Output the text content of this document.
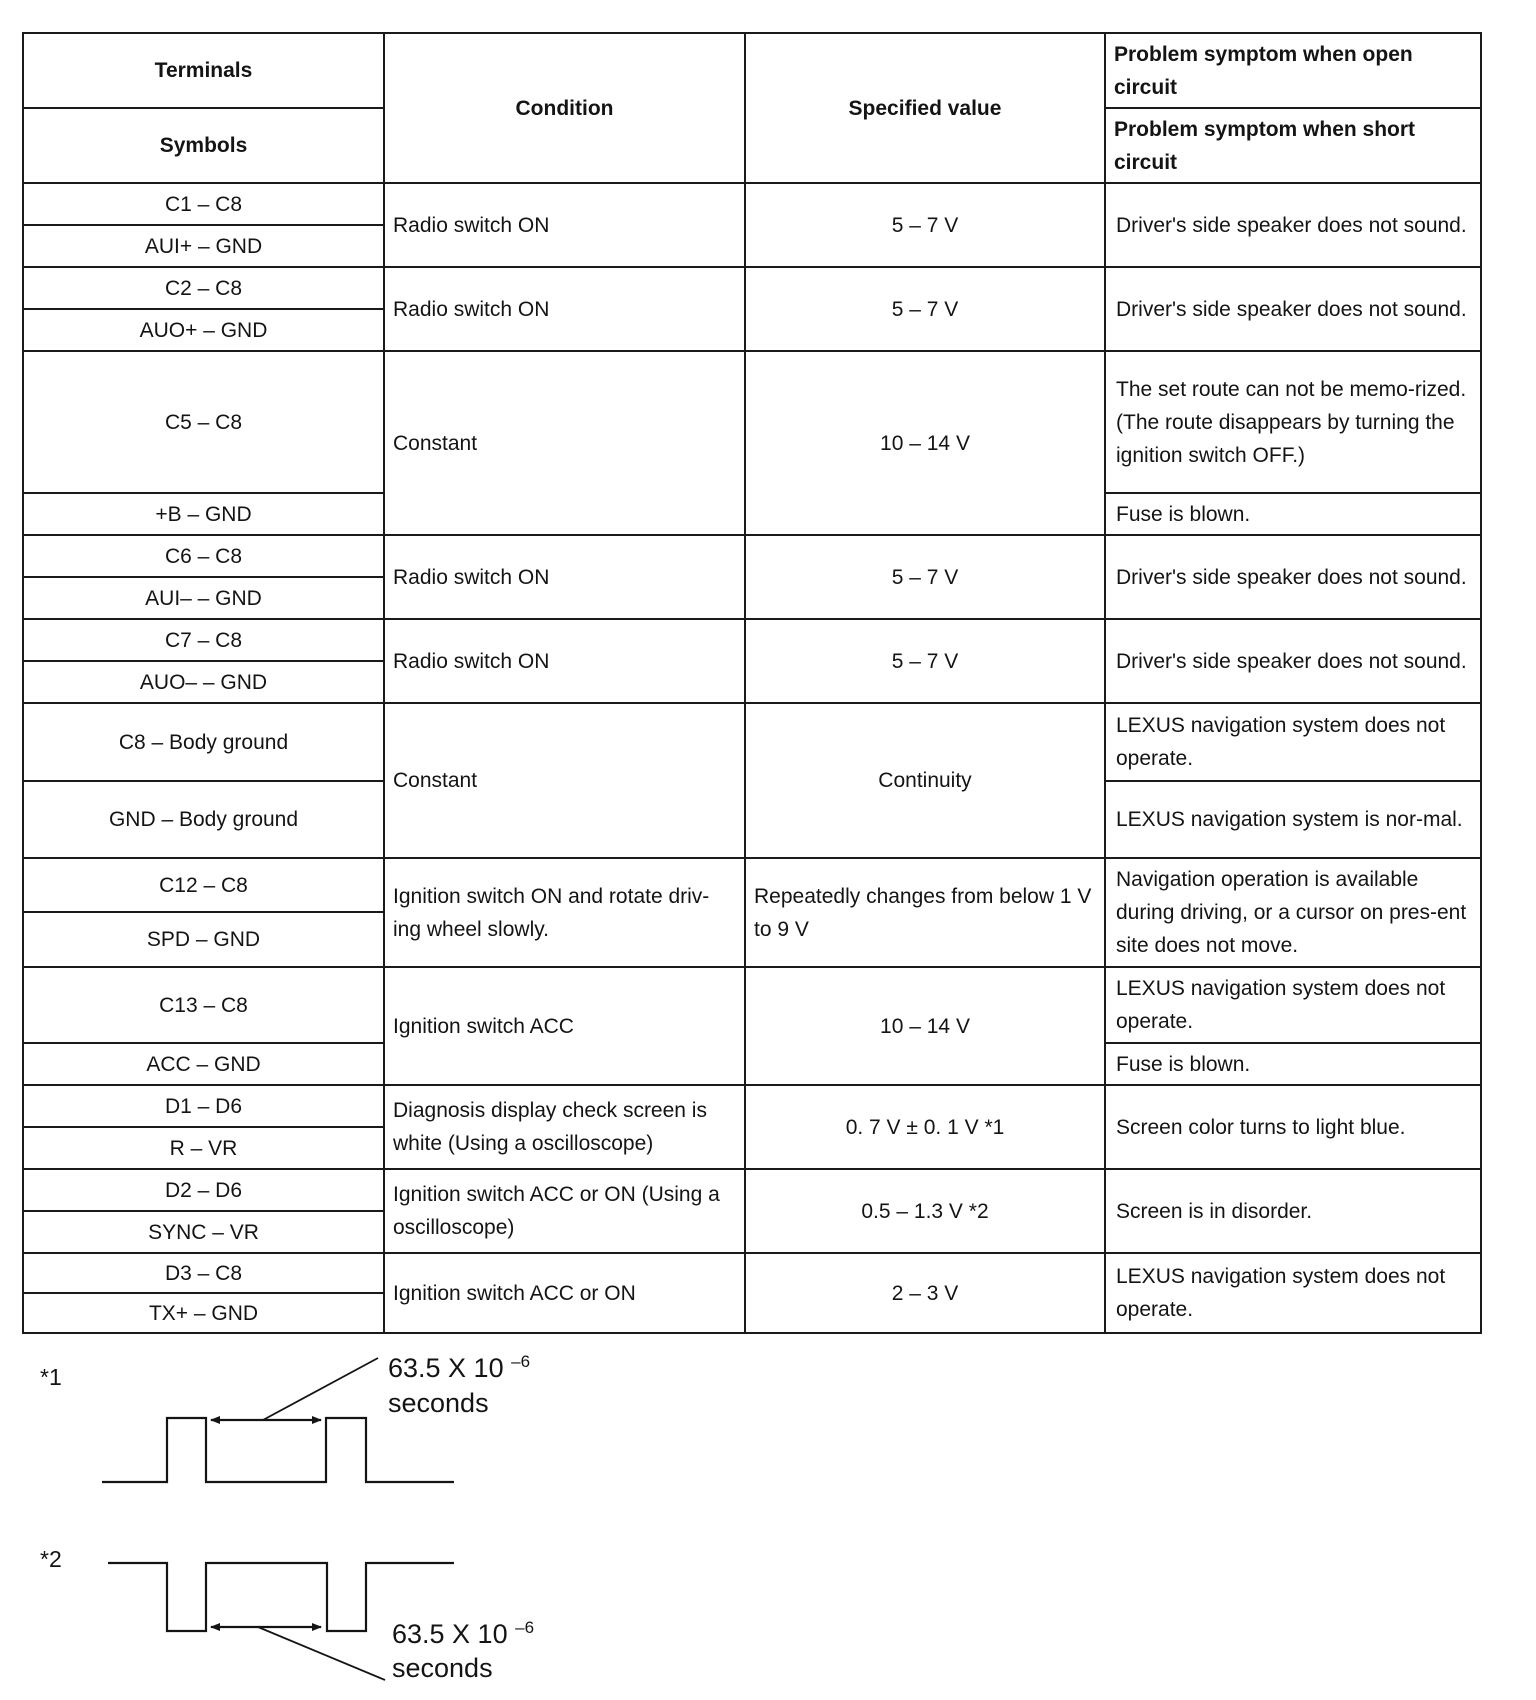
Terminals	Condition	Specified value	Problem symptom when open circuit
Symbols			Problem symptom when short circuit
C1 – C8	Radio switch ON	5 – 7 V	Driver's side speaker does not sound.
AUI+ – GND			
C2 – C8	Radio switch ON	5 – 7 V	Driver's side speaker does not sound.
AUO+ – GND			
C5 – C8	Constant	10 – 14 V	The set route can not be memo-rized. (The route disappears by turning the ignition switch OFF.)
+B – GND			Fuse is blown.
C6 – C8	Radio switch ON	5 – 7 V	Driver's side speaker does not sound.
AUI– – GND			
C7 – C8	Radio switch ON	5 – 7 V	Driver's side speaker does not sound.
AUO– – GND			
C8 – Body ground	Constant	Continuity	LEXUS navigation system does not operate.
GND – Body ground			LEXUS navigation system is nor-mal.
C12 – C8	Ignition switch ON and rotate driv-ing wheel slowly.	Repeatedly changes from below 1 V to 9 V	Navigation operation is available during driving, or a cursor on pres-ent site does not move.
SPD – GND			
C13 – C8	Ignition switch ACC	10 – 14 V	LEXUS navigation system does not operate.
ACC – GND			Fuse is blown.
D1 – D6	Diagnosis display check screen is white (Using a oscilloscope)	0. 7 V ± 0. 1 V *1	Screen color turns to light blue.
R – VR			
D2 – D6	Ignition switch ACC or ON (Using a oscilloscope)	0.5 – 1.3 V *2	Screen is in disorder.
SYNC – VR			
D3 – C8	Ignition switch ACC or ON	2 – 3 V	LEXUS navigation system does not operate.
TX+ – GND			
*1	63.5 X 10 $^{-6}$
seconds
*2
63.5 X 10 $^{-6}$
seconds
